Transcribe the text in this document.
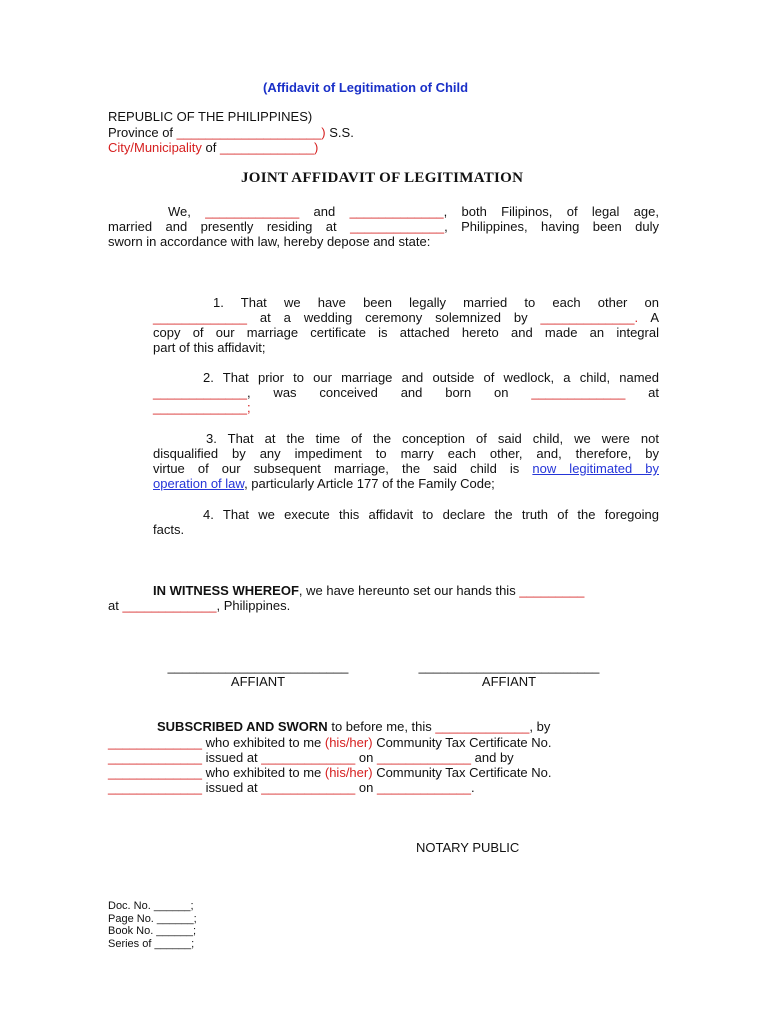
(Affidavit of Legitimation of Child
REPUBLIC OF THE PHILIPPINES)
Province of ____________________) S.S.
City/Municipality of _____________)
JOINT AFFIDAVIT OF LEGITIMATION
We, _____________ and _____________, both Filipinos, of legal age,
married and presently residing at _____________, Philippines, having been duly
sworn in accordance with law, hereby depose and state:
1. That we have been legally married to each other on
_____________ at a wedding ceremony solemnized by _____________. A
copy of our marriage certificate is attached hereto and made an integral
part of this affidavit;
2. That prior to our marriage and outside of wedlock, a child, named
_____________, was conceived and born on _____________ at
_____________;
3. That at the time of the conception of said child, we were not
disqualified by any impediment to marry each other, and, therefore, by
virtue of our subsequent marriage, the said child is now legitimated by
operation of law, particularly Article 177 of the Family Code;
4. That we execute this affidavit to declare the truth of the foregoing
facts.
IN WITNESS WHEREOF, we have hereunto set our hands this _________
at _____________, Philippines.
_________________________
AFFIANT
_________________________
AFFIANT
SUBSCRIBED AND SWORN to before me, this _____________, by
_____________ who exhibited to me (his/her) Community Tax Certificate No.
_____________ issued at _____________ on _____________ and by
_____________ who exhibited to me (his/her) Community Tax Certificate No.
_____________ issued at _____________ on _____________.
NOTARY PUBLIC
Doc. No. ______;
Page No. ______;
Book No. ______;
Series of ______;
